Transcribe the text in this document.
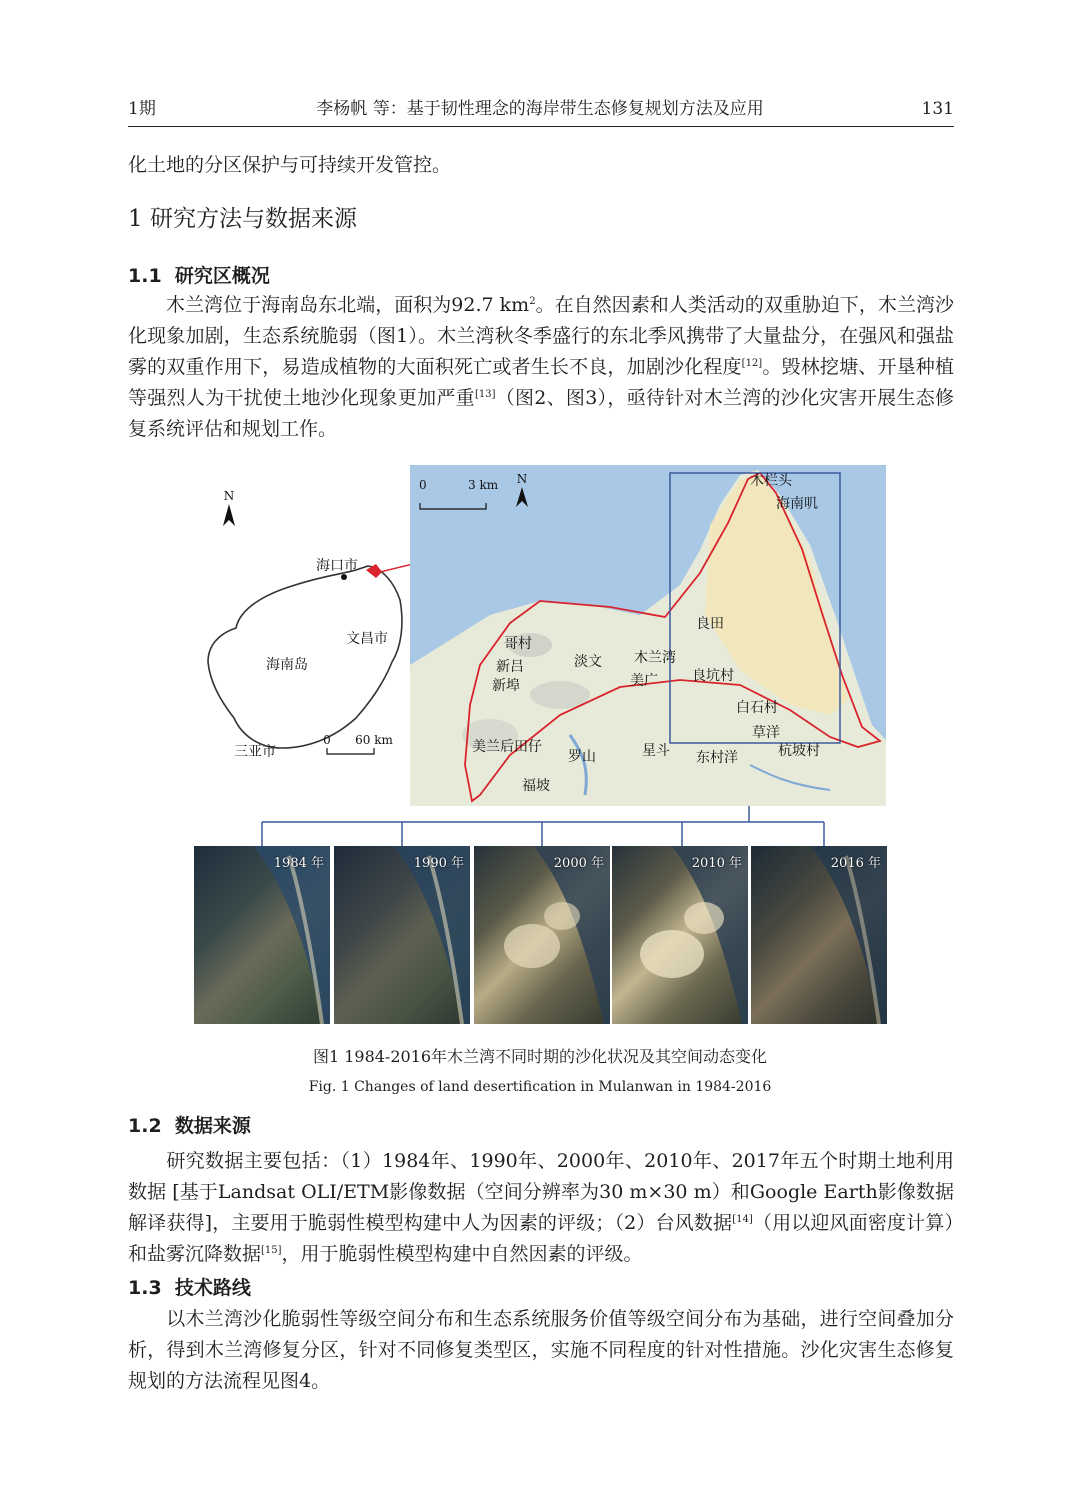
1期	李杨帆 等：基于韧性理念的海岸带生态修复规划方法及应用	131

化土地的分区保护与可持续开发管控。

1 研究方法与数据来源
1.1 研究区概况

木兰湾位于海南岛东北端，面积为92.7 $km^2$。在自然因素和人类活动的双重胁迫下，木兰湾沙化现象加剧，生态系统脆弱（图1）。木兰湾秋冬季盛行的东北季风携带了大量盐分，在强风和强盐雾的双重作用下，易造成植物的大面积死亡或者生长不良，加剧沙化程度[12]。毁林挖塘、开垦种植等强烈人为干扰使土地沙化现象更加严重[13]（图2、图3），亟待针对木兰湾的沙化灾害开展生态修复系统评估和规划工作。

N
海口市
文昌市
海南岛
三亚市
0 60 km
0	3 km N	木栏头
海南叽
良田
哥村
新吕
新埠
淡文 木兰湾
美广 良坑村
白石村
草洋
美兰后田仔
罗山	星斗 东村洋	杭坡村
福坡
1984 年	1990 年	2000 年	2010 年	2016 年
图1 1984-2016年木兰湾不同时期的沙化状况及其空间动态变化
Fig. 1 Changes of land desertification in Mulanwan in 1984-2016
1.2 数据来源

研究数据主要包括：（1）1984年、1990年、2000年、2010年、2017年五个时期土地利用数据 [基于Landsat OLI/ETM影像数据（空间分辨率为30 m×30 m）和Google Earth影像数据解译获得]，主要用于脆弱性模型构建中人为因素的评级；（2）台风数据[14]（用以迎风面密度计算）和盐雾沉降数据[15]，用于脆弱性模型构建中自然因素的评级。

1.3 技术路线

以木兰湾沙化脆弱性等级空间分布和生态系统服务价值等级空间分布为基础，进行空间叠加分析，得到木兰湾修复分区，针对不同修复类型区，实施不同程度的针对性措施。沙化灾害生态修复规划的方法流程见图4。
